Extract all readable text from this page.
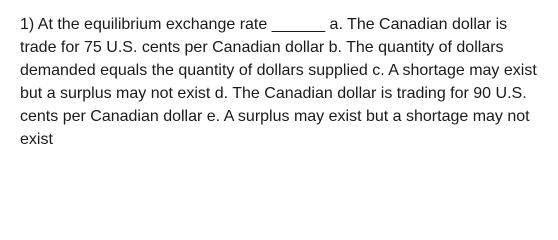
1) At the equilibrium exchange rate ______ a. The Canadian dollar is trade for 75 U.S. cents per Canadian dollar b. The quantity of dollars demanded equals the quantity of dollars supplied c. A shortage may exist but a surplus may not exist d. The Canadian dollar is trading for 90 U.S. cents per Canadian dollar e. A surplus may exist but a shortage may not exist
